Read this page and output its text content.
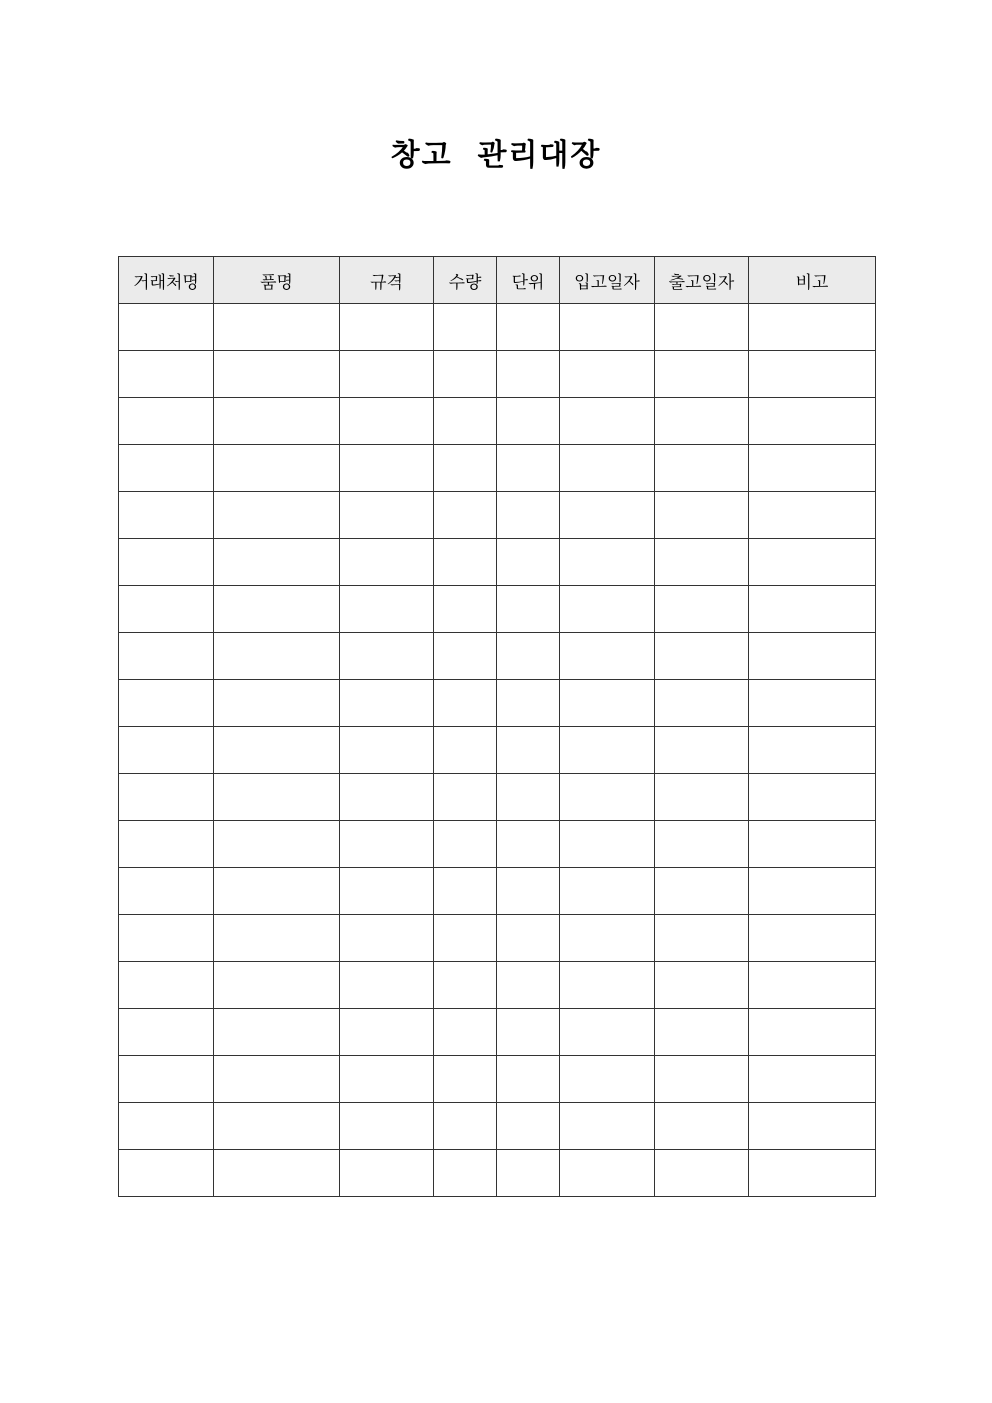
창고  관리대장
거래처명	품명	규격	수량	단위	입고일자	출고일자	비고
